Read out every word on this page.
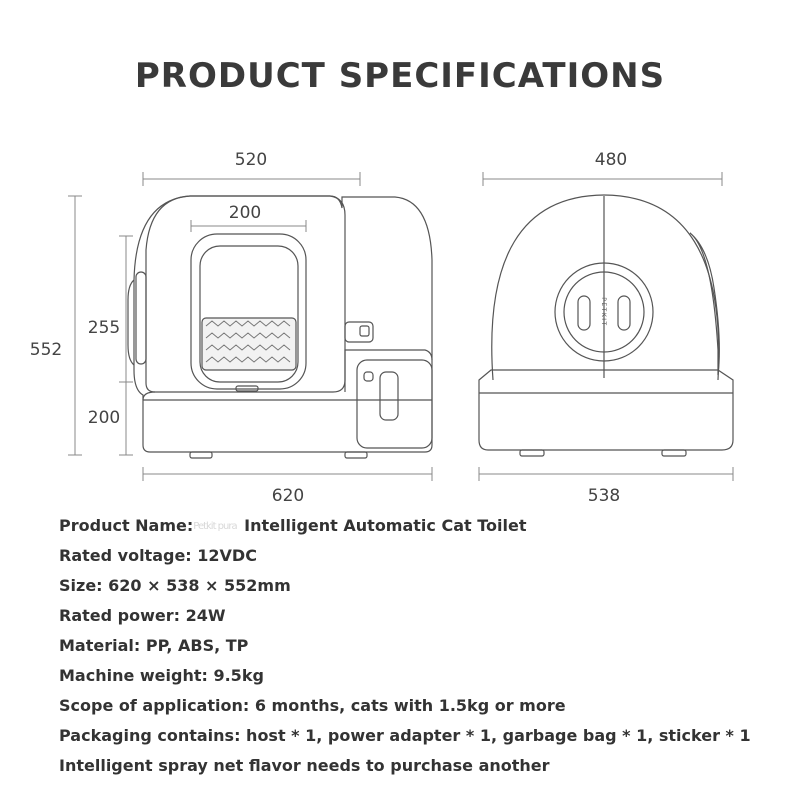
PRODUCT SPECIFICATIONS
PETKIT
520
200
480
552
255
200
620	538
Product Name:Petkit pura Intelligent Automatic Cat Toilet
Rated voltage: 12VDC
Size: 620 × 538 × 552mm
Rated power: 24W
Material: PP, ABS, TP
Machine weight: 9.5kg
Scope of application: 6 months, cats with 1.5kg or more
Packaging contains: host * 1, power adapter * 1, garbage bag * 1, sticker * 1
Intelligent spray net flavor needs to purchase another
